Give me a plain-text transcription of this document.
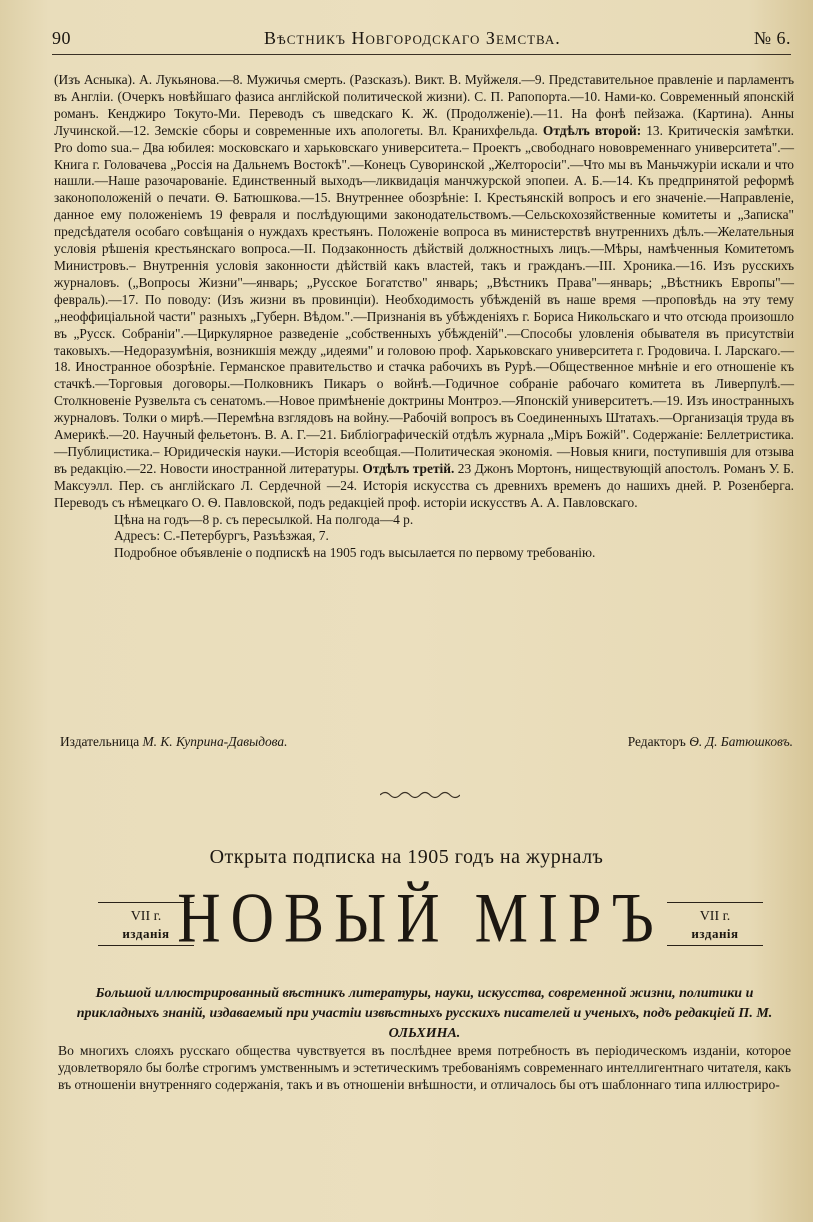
90	Вѣстникъ Новгородскаго Земства.	№ 6.

(Изъ Асныка). А. Лукьянова.—8. Мужичья смерть. (Разсказъ). Викт. В. Муйжеля.—9. Представительное правленіе и парламентъ въ Англіи. (Очеркъ новѣйшаго фазиса англійской политической жизни). С. П. Рапопорта.—10. Нами-ко. Современный японскій романъ. Кенджиро Токуто-Ми. Переводъ съ шведскаго К. Ж. (Продолженіе).—11. На фонѣ пейзажа. (Картина). Анны Лучинской.—12. Земскіе сборы и современные ихъ апологеты. Вл. Кранихфельда. Отдѣлъ второй: 13. Критическія замѣтки. Pro domo sua.– Два юбилея: московскаго и харьковскаго университета.– Проектъ „свободнаго нововременнаго университета".—Книга г. Головачева „Россія на Дальнемъ Востокѣ".—Конецъ Суворинской „Желтоpосіи".—Что мы въ Маньчжуріи искали и что нашли.—Наше разочарованіе. Единственный выходъ—ликвидація манчжурской эпопеи. А. Б.—14. Къ предпринятой реформѣ законоположеній о печати. Ѳ. Батюшкова.—15. Внутреннее обозрѣніе: I. Крестьянскій вопросъ и его значеніе.—Направленіе, данное ему положеніемъ 19 февраля и послѣдующими законодательствомъ.—Сельскохозяйственные комитеты и „Записка" предсѣдателя особаго совѣщанія о нуждахъ крестьянъ. Положеніе вопроса въ министерствѣ внутреннихъ дѣлъ.—Желательныя условія рѣшенія крестьянскаго вопроса.—II. Подзаконность дѣйствій должностныхъ лицъ.—Мѣры, намѣченныя Комитетомъ Министровъ.– Внутреннія условія законности дѣйствій какъ властей, такъ и гражданъ.—III. Хроника.—16. Изъ русскихъ журналовъ. („Вопросы Жизни"—январь; „Русское Богатство" январь; „Вѣстникъ Права"—январь; „Вѣстникъ Европы"—февраль).—17. По поводу: (Изъ жизни въ провинціи). Необходимость убѣжденій въ наше время —проповѣдь на эту тему „неоффиціальной части" разныхъ „Губерн. Вѣдом.".—Признанія въ убѣжденіяхъ г. Бориса Никольскаго и что отсюда произошло въ „Русск. Собраніи".—Циркулярное разведеніе „собственныхъ убѣжденій".—Способы уловленія обывателя въ присутствіи таковыхъ.—Недоразумѣнія, возникшія между „идеями" и головою проф. Харьковскаго университета г. Гродовича. І. Ларскаго.—18. Иностранное обозрѣніе. Германское правительство и стачка рабочихъ въ Рурѣ.—Общественное мнѣніе и его отношеніе къ стачкѣ.—Торговыя договоры.—Полковникъ Пикаръ о войнѣ.—Годичное собраніе рабочаго комитета въ Ливерпулѣ.—Столкновеніе Рузвельта съ сенатомъ.—Новое примѣненіе доктрины Монтроэ.—Японскій университетъ.—19. Изъ иностранныхъ журналовъ. Толки о мирѣ.—Перемѣна взглядовъ на войну.—Рабочій вопросъ въ Соединенныхъ Штатахъ.—Организація труда въ Америкѣ.—20. Научный фельетонъ. В. А. Г.—21. Библіографическій отдѣлъ журнала „Міръ Божій". Содержаніе: Беллетристика.—Публицистика.– Юридическія науки.—Исторія всеобщая.—Политическая экономія. —Новыя книги, поступившія для отзыва въ редакцію.—22. Новости иностранной литературы. Отдѣлъ третій. 23 Джонъ Мортонъ, ниществующій апостолъ. Романъ У. Б. Максуэлл. Пер. съ англійскаго Л. Сердечной —24. Исторія искусства съ древнихъ временъ до нашихъ дней. Р. Розенберга. Переводъ съ нѣмецкаго О. Ѳ. Павловской, подъ редакціей проф. исторіи искусствъ А. А. Павловскаго.

Цѣна на годъ—8 р. съ пересылкой. На полгода—4 р.

Адресъ: С.-Петербургъ, Разъѣзжая, 7.

Подробное объявленіе о подпискѣ на 1905 годъ высылается по первому требованію.

Издательница М. К. Куприна-Давыдова.	Редакторъ Ѳ. Д. Батюшковъ.
Открыта подписка на 1905 годъ на журналъ
VII г.
изданія НОВЫЙ МІРЪ	VII г.
изданія
Большой иллюстрированный вѣстникъ литературы, науки, искусства, современной жизни, политики и прикладныхъ знаній, издаваемый при участіи извѣстныхъ русскихъ писателей и ученыхъ, подъ редакціей П. М. ОЛЬХИНА.
Во многихъ слояхъ русскаго общества чувствуется въ послѣднее время потребность въ періодическомъ изданіи, которое удовлетворяло бы болѣе строгимъ умственнымъ и эстетическимъ требованіямъ современнаго интеллигентнаго читателя, какъ въ отношеніи внутренняго содержанія, такъ и въ отношеніи внѣшности, и отличалось бы отъ шаблоннаго типа иллюстриро-
